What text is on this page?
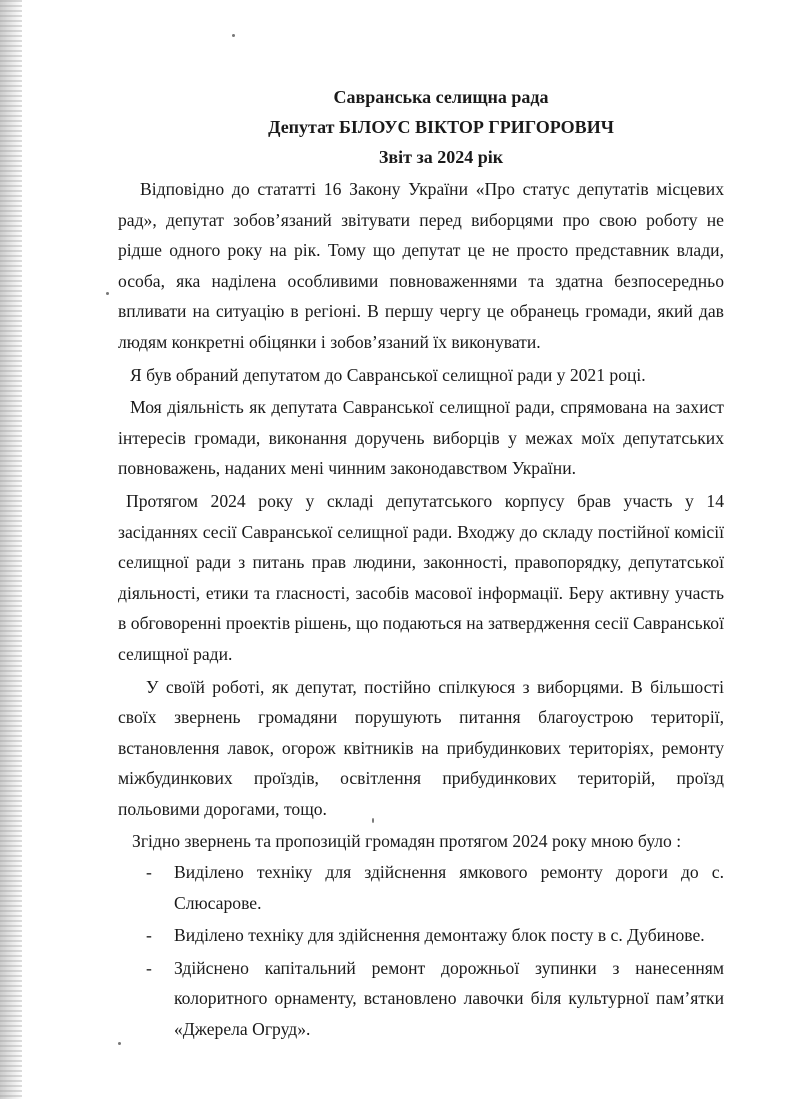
Савранська селищна рада
Депутат БІЛОУС ВІКТОР ГРИГОРОВИЧ
Звіт за 2024 рік

Відповідно до стататті 16 Закону України «Про статус депутатів місцевих рад», депутат зобов’язаний звітувати перед виборцями про свою роботу не рідше одного року на рік. Тому що депутат це не просто представник влади, особа, яка наділена особливими повноваженнями та здатна безпосередньо впливати на ситуацію в регіоні. В першу чергу це обранець громади, який дав людям конкретні обіцянки і зобов’язаний їх виконувати.

Я був обраний депутатом до Савранської селищної ради у 2021 році.

Моя діяльність як депутата Савранської селищної ради, спрямована на захист інтересів громади, виконання доручень виборців у межах моїх депутатських повноважень, наданих мені чинним законодавством України.

Протягом 2024 року у складі депутатського корпусу брав участь у 14 засіданнях сесії Савранської селищної ради. Входжу до складу постійної комісії селищної ради з питань прав людини, законності, правопорядку, депутатської діяльності, етики та гласності, засобів масової інформації. Беру активну участь в обговоренні проектів рішень, що подаються на затвердження сесії Савранської селищної ради.

У своїй роботі, як депутат, постійно спілкуюся з виборцями. В більшості своїх звернень громадяни порушують питання благоустрою території, встановлення лавок, огорож квітників на прибудинкових територіях, ремонту міжбудинкових проїздів, освітлення прибудинкових територій, проїзд польовими дорогами, тощо.

Згідно звернень та пропозицій громадян протягом 2024 року мною було :

- Виділено техніку для здійснення ямкового ремонту дороги до с. Слюсарове.
- Виділено техніку для здійснення демонтажу блок посту в с. Дубинове.
- Здійснено капітальний ремонт дорожньої зупинки з нанесенням колоритного орнаменту, встановлено лавочки біля культурної пам’ятки «Джерела Огруд».
